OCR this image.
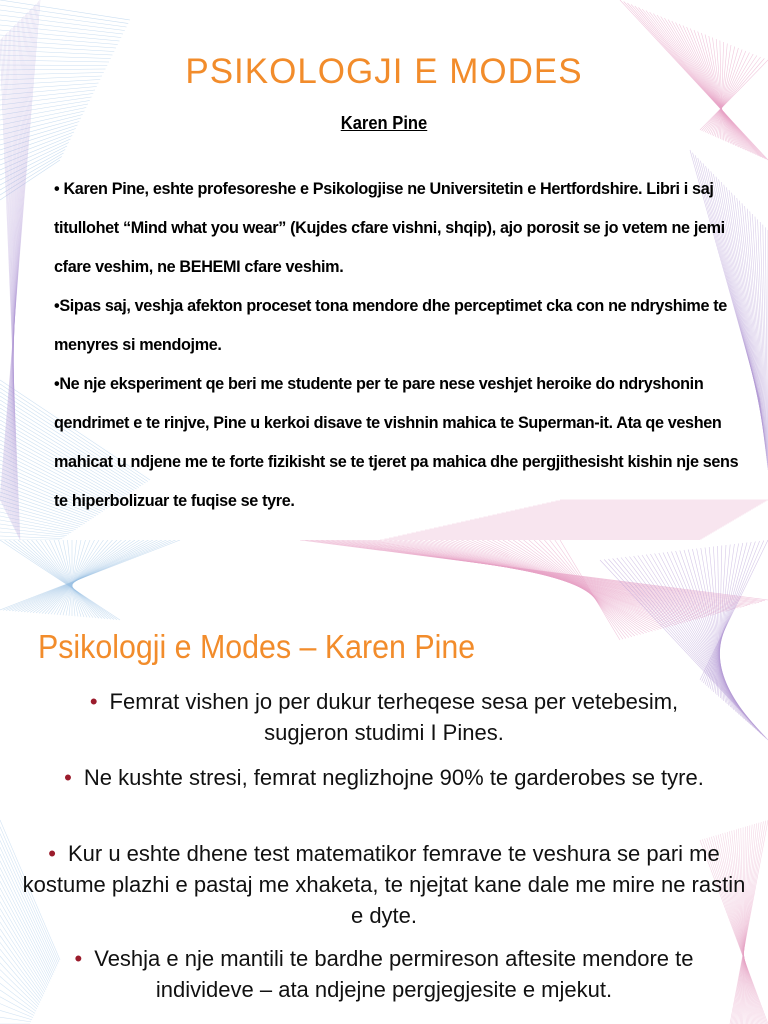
PSIKOLOGJI E MODES
Karen Pine

• Karen Pine, eshte profesoreshe e Psikologjise ne Universitetin e Hertfordshire. Libri i saj titullohet “Mind what you wear” (Kujdes cfare vishni, shqip), ajo porosit se jo vetem ne jemi cfare veshim, ne BEHEMI cfare veshim.

•Sipas saj, veshja afekton proceset tona mendore dhe perceptimet cka con ne ndryshime te menyres si mendojme.

•Ne nje eksperiment qe beri me studente per te pare nese veshjet heroike do ndryshonin qendrimet e te rinjve, Pine u kerkoi disave te vishnin mahica te Superman-it. Ata qe veshen mahicat u ndjene me te forte fizikisht se te tjeret pa mahica dhe pergjithesisht kishin nje sens te hiperbolizuar te fuqise se tyre.

Psikologji e Modes – Karen Pine
• Femrat vishen jo per dukur terheqese sesa per vetebesim, sugjeron studimi I Pines.
• Ne kushte stresi, femrat neglizhojne 90% te garderobes se tyre.
• Kur u eshte dhene test matematikor femrave te veshura se pari me kostume plazhi e pastaj me xhaketa, te njejtat kane dale me mire ne rastin e dyte.
• Veshja e nje mantili te bardhe permireson aftesite mendore te individeve – ata ndjejne pergjegjesite e mjekut.
